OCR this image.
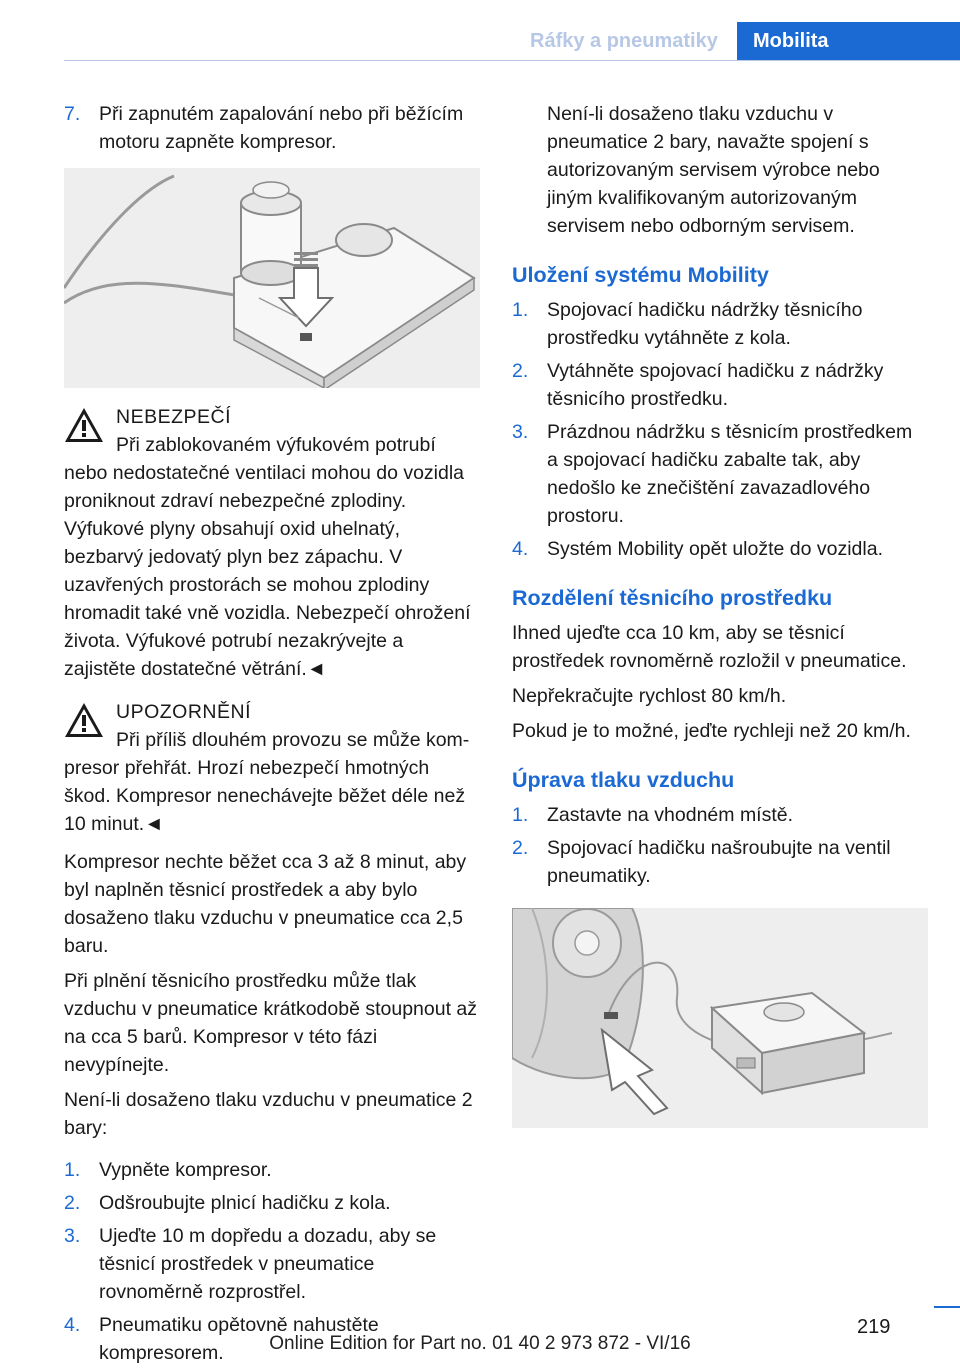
Ráfky a pneumatiky	Mobilita
7. Při zapnutém zapalování nebo při běžícím motoru zapněte kompresor.
NEBEZPEČÍ
Při zablokovaném výfukovém potrubí
nebo nedostatečné ventilaci mohou do vozidla proniknout zdraví nebezpečné zplodiny. Výfukové plyny obsahují oxid uhelnatý, bezbarvý jedovatý plyn bez zápachu. V uzavřených prostorách se mohou zplodiny hromadit také vně vozidla. Nebezpečí ohrožení života. Výfukové potrubí nezakrývejte a zajistěte dostatečné větrání.◄
UPOZORNĚNÍ
Při příliš dlouhém provozu se může kom-
presor přehřát. Hrozí nebezpečí hmotných škod. Kompresor nenechávejte běžet déle než 10 minut.◄

Kompresor nechte běžet cca 3 až 8 minut, aby byl naplněn těsnicí prostředek a aby bylo dosaženo tlaku vzduchu v pneumatice cca 2,5 baru.

Při plnění těsnicího prostředku může tlak vzduchu v pneumatice krátkodobě stoupnout až na cca 5 barů. Kompresor v této fázi nevypínejte.

Není-li dosaženo tlaku vzduchu v pneumatice 2 bary:

1. Vypněte kompresor.
2. Odšroubujte plnicí hadičku z kola.
3. Ujeďte 10 m dopředu a dozadu, aby se těsnicí prostředek v pneumatice rovnoměrně rozprostřel.
4. Pneumatiku opětovně nahustěte kompresorem.
Není-li dosaženo tlaku vzduchu v pneumatice 2 bary, navažte spojení s autorizovaným servisem výrobce nebo jiným kvalifikovaným autorizovaným servisem nebo odborným servisem.
Uložení systému Mobility
1. Spojovací hadičku nádržky těsnicího prostředku vytáhněte z kola.
2. Vytáhněte spojovací hadičku z nádržky těsnicího prostředku.
3. Prázdnou nádržku s těsnicím prostředkem a spojovací hadičku zabalte tak, aby nedošlo ke znečištění zavazadlového prostoru.
4. Systém Mobility opět uložte do vozidla.
Rozdělení těsnicího prostředku

Ihned ujeďte cca 10 km, aby se těsnicí prostředek rovnoměrně rozložil v pneumatice.

Nepřekračujte rychlost 80 km/h.

Pokud je to možné, jeďte rychleji než 20 km/h.

Úprava tlaku vzduchu
1. Zastavte na vhodném místě.
2. Spojovací hadičku našroubujte na ventil pneumatiky.
219
Online Edition for Part no. 01 40 2 973 872 - VI/16
